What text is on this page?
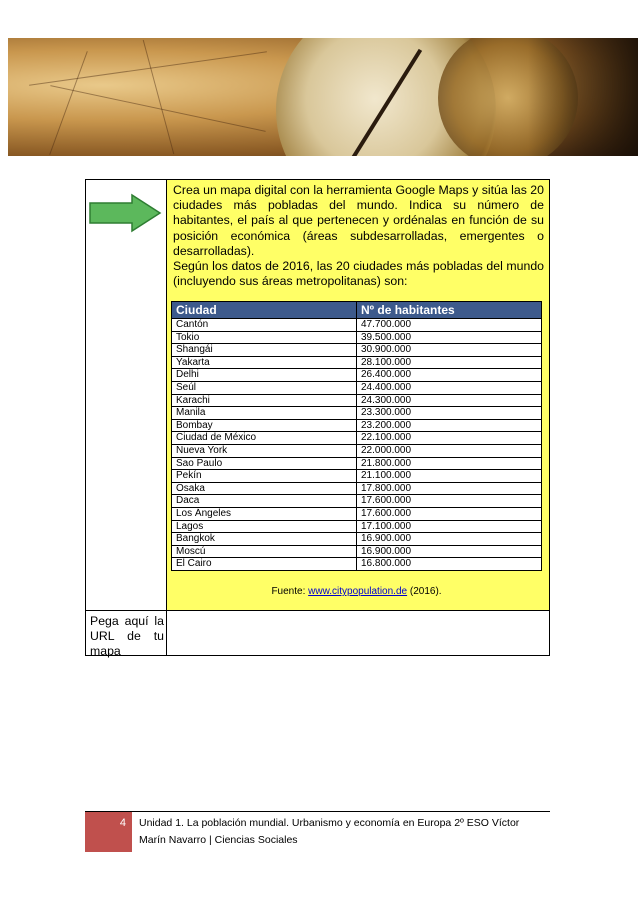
Crea un mapa digital con la herramienta Google Maps y sitúa las 20 ciudades más pobladas del mundo. Indica su número de habitantes, el país al que pertenecen y ordénalas en función de su posición económica (áreas subdesarrolladas, emergentes o desarrolladas).

Según los datos de 2016, las 20 ciudades más pobladas del mundo (incluyendo sus áreas metropolitanas) son:

Ciudad	Nº de habitantes
Cantón	47.700.000
Tokio	39.500.000
Shangái	30.900.000
Yakarta	28.100.000
Delhi	26.400.000
Seúl	24.400.000
Karachi	24.300.000
Manila	23.300.000
Bombay	23.200.000
Ciudad de México	22.100.000
Nueva York	22.000.000
Sao Paulo	21.800.000
Pekín	21.100.000
Osaka	17.800.000
Daca	17.600.000
Los Ángeles	17.600.000
Lagos	17.100.000
Bangkok	16.900.000
Moscú	16.900.000
El Cairo	16.800.000
Fuente: www.citypopulation.de (2016).
Pega aquí la URL de tu mapa
4 Unidad 1. La población mundial. Urbanismo y economía en Europa 2º ESO Víctor Marín Navarro | Ciencias Sociales
